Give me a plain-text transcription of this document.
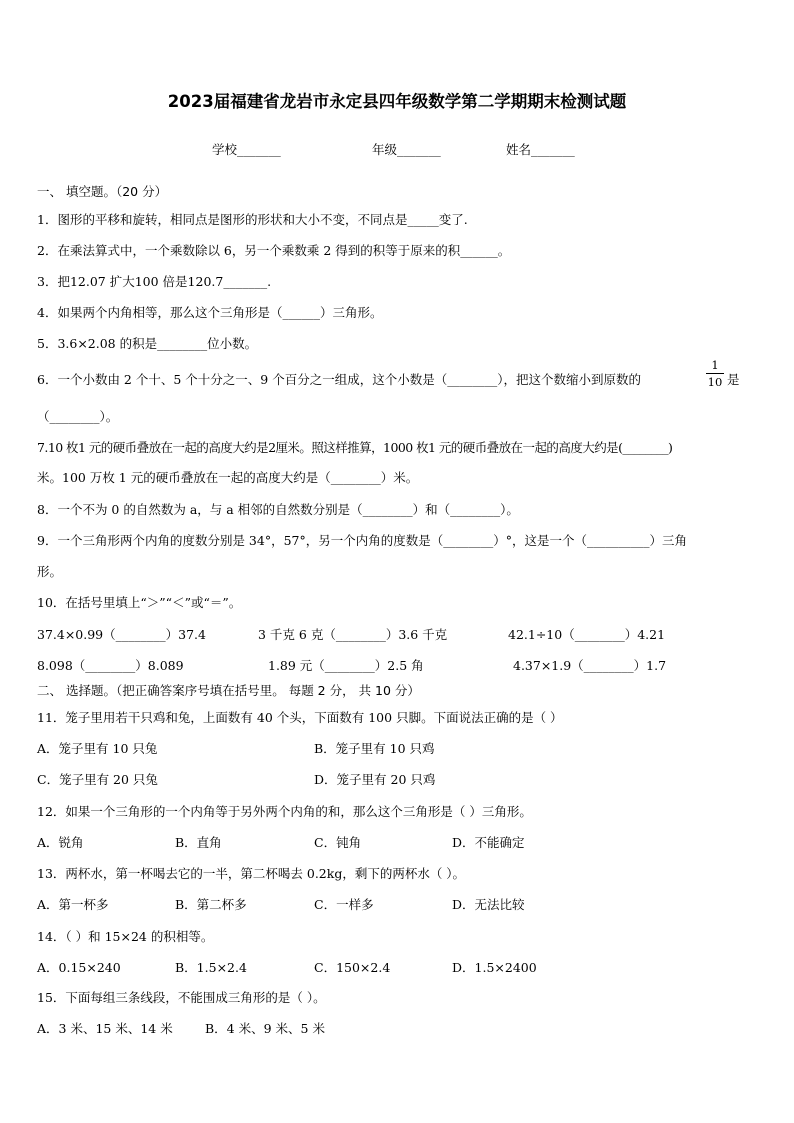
2023届福建省龙岩市永定县四年级数学第二学期期末检测试题
学校_______	年级_______	姓名_______
一、 填空题。（20 分）
1．图形的平移和旋转，相同点是图形的形状和大小不变，不同点是_____变了.
2．在乘法算式中，一个乘数除以 6，另一个乘数乘 2 得到的积等于原来的积______。
3．把12.07 扩大100 倍是120.7_______.
4．如果两个内角相等，那么这个三角形是（______）三角形。
5．3.6×2.08 的积是________位小数。
6．一个小数由 2 个十、5 个十分之一、9 个百分之一组成，这个小数是（________），把这个数缩小到原数的
1
10 是
（________）。
7.10 枚1 元的硬币叠放在一起的高度大约是2厘米。照这样推算，1000 枚1 元的硬币叠放在一起的高度大约是(________)
米。100 万枚 1 元的硬币叠放在一起的高度大约是（________）米。
8．一个不为 0 的自然数为 a，与 a 相邻的自然数分别是（________）和（________）。
9．一个三角形两个内角的度数分别是 34°，57°，另一个内角的度数是（________）°，这是一个（__________）三角
形。
10．在括号里填上“＞”“＜”或“＝”。
37.4×0.99（________）37.4	3 千克 6 克（________）3.6 千克	42.1÷10（________）4.21
8.098（________）8.089	1.89 元（________）2.5 角	4.37×1.9（________）1.7
二、 选择题。（把正确答案序号填在括号里。 每题 2 分， 共 10 分）
11．笼子里用若干只鸡和兔，上面数有 40 个头，下面数有 100 只脚。下面说法正确的是（ ）
A．笼子里有 10 只兔	B．笼子里有 10 只鸡
C．笼子里有 20 只兔	D．笼子里有 20 只鸡
12．如果一个三角形的一个内角等于另外两个内角的和，那么这个三角形是（ ）三角形。
A．锐角	B．直角	C．钝角	D．不能确定
13．两杯水，第一杯喝去它的一半，第二杯喝去 0.2kg，剩下的两杯水（ ）。
A．第一杯多	B．第二杯多	C．一样多	D．无法比较
14．（ ）和 15×24 的积相等。
A．0.15×240	B．1.5×2.4	C．150×2.4	D．1.5×2400
15．下面每组三条线段，不能围成三角形的是（ ）。
A．3 米、15 米、14 米	B．4 米、9 米、5 米
